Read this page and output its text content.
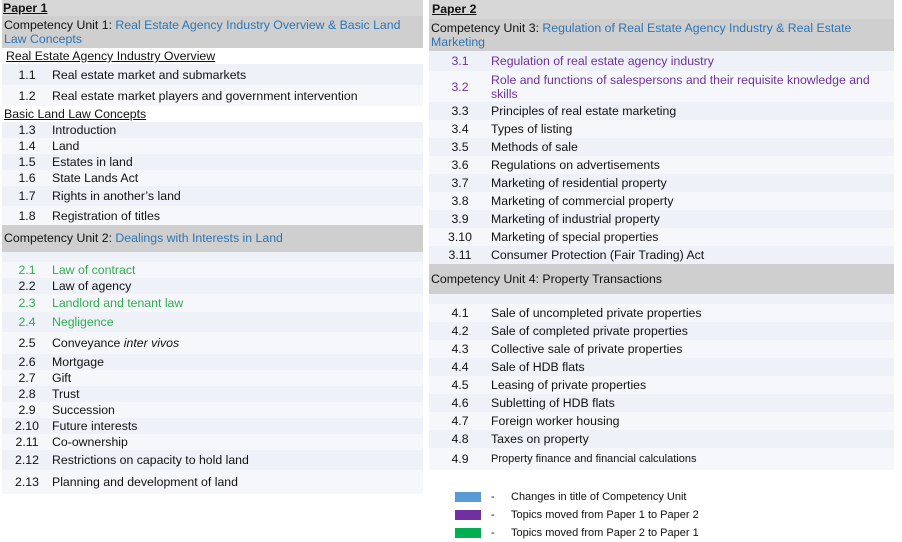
Paper 1
Competency Unit 1: Real Estate Agency Industry Overview & Basic Land Law Concepts
Real Estate Agency Industry Overview
1.1	Real estate market and submarkets
1.2	Real estate market players and government intervention
Basic Land Law Concepts
1.3	Introduction
1.4	Land
1.5	Estates in land
1.6	State Lands Act
1.7	Rights in another’s land
1.8	Registration of titles
Competency Unit 2: Dealings with Interests in Land
2.1	Law of contract
2.2	Law of agency
2.3	Landlord and tenant law
2.4	Negligence
2.5	Conveyance inter vivos
2.6	Mortgage
2.7	Gift
2.8	Trust
2.9	Succession
2.10	Future interests
2.11	Co-ownership
2.12	Restrictions on capacity to hold land
2.13	Planning and development of land
Paper 2
Competency Unit 3: Regulation of Real Estate Agency Industry & Real Estate Marketing
3.1	Regulation of real estate agency industry
3.2	Role and functions of salespersons and their requisite knowledge and skills
3.3	Principles of real estate marketing
3.4	Types of listing
3.5	Methods of sale
3.6	Regulations on advertisements
3.7	Marketing of residential property
3.8	Marketing of commercial property
3.9	Marketing of industrial property
3.10	Marketing of special properties
3.11	Consumer Protection (Fair Trading) Act
Competency Unit 4: Property Transactions
4.1	Sale of uncompleted private properties
4.2	Sale of completed private properties
4.3	Collective sale of private properties
4.4	Sale of HDB flats
4.5	Leasing of private properties
4.6	Subletting of HDB flats
4.7	Foreign worker housing
4.8	Taxes on property
4.9	Property finance and financial calculations
-	Changes in title of Competency Unit
-	Topics moved from Paper 1 to Paper 2
-	Topics moved from Paper 2 to Paper 1
